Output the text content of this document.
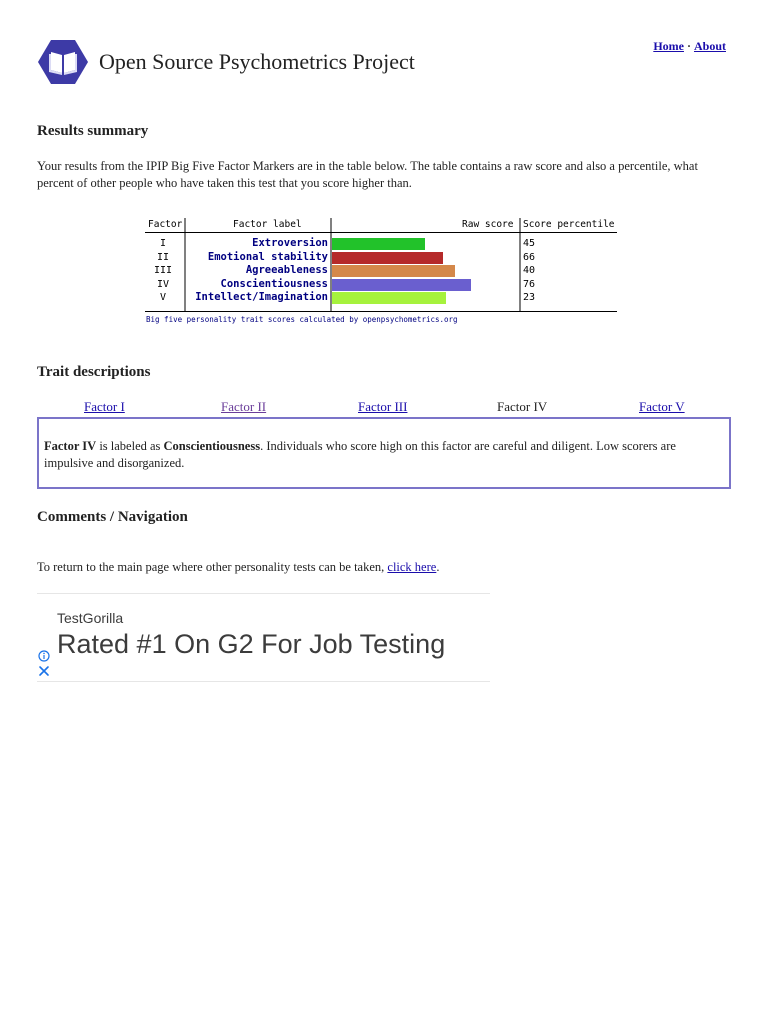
Open Source Psychometrics Project
Home · About
Results summary
Your results from the IPIP Big Five Factor Markers are in the table below. The table contains a raw score and also a percentile, what percent of other people who have taken this test that you score higher than.
Factor	Factor label	Raw score Score percentile
I	Extroversion	45
II	Emotional stability	66
III	Agreeableness	40
IV	Conscientiousness	76
V	Intellect/Imagination	23
Big five personality trait scores calculated by openpsychometrics.org
Trait descriptions
Factor I	Factor II	Factor III	Factor IV	Factor V

Factor IV is labeled as Conscientiousness. Individuals who score high on this factor are careful and diligent. Low scorers are impulsive and disorganized.

Comments / Navigation
To return to the main page where other personality tests can be taken, click here.
TestGorilla
Rated #1 On G2 For Job Testing
